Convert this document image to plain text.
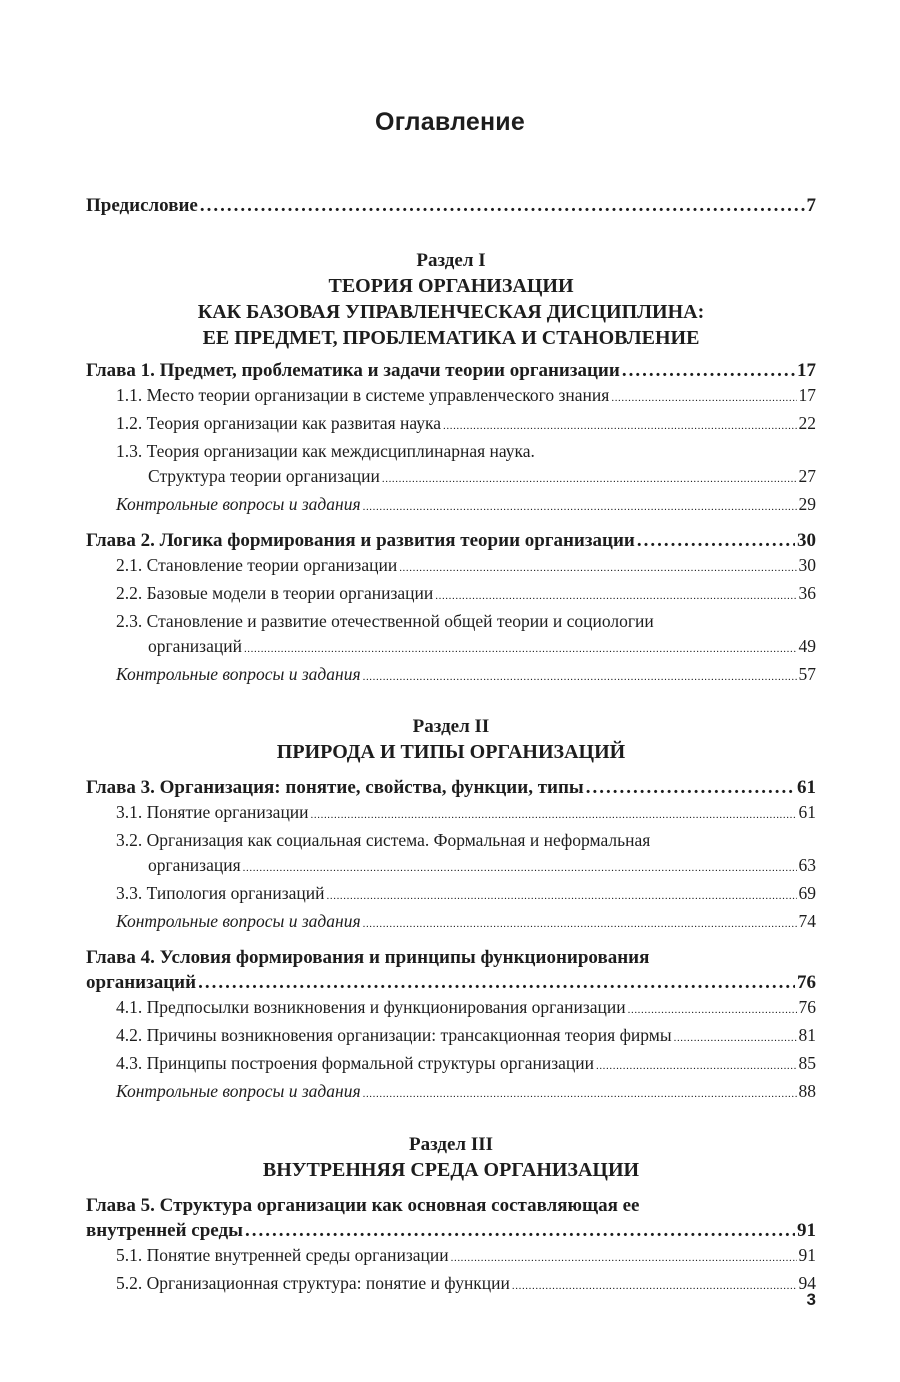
Оглавление
Предисловие .....	7
Раздел I
ТЕОРИЯ ОРГАНИЗАЦИИ
КАК БАЗОВАЯ УПРАВЛЕНЧЕСКАЯ ДИСЦИПЛИНА:
ЕЕ ПРЕДМЕТ, ПРОБЛЕМАТИКА И СТАНОВЛЕНИЕ
Глава 1. Предмет, проблематика и задачи теории организации .....	17
1.1. Место теории организации в системе управленческого знания .....	17
1.2. Теория организации как развитая наука .....	22
1.3. Теория организации как междисциплинарная наука.
Структура теории организации .....	27
Контрольные вопросы и задания .....	29
Глава 2. Логика формирования и развития теории организации .....	30
2.1. Становление теории организации .....	30
2.2. Базовые модели в теории организации .....	36
2.3. Становление и развитие отечественной общей теории и социологии
организаций .....	49
Контрольные вопросы и задания .....	57
Раздел II
ПРИРОДА И ТИПЫ ОРГАНИЗАЦИЙ
Глава 3. Организация: понятие, свойства, функции, типы .....	61
3.1. Понятие организации .....	61
3.2. Организация как социальная система. Формальная и неформальная
организация .....	63
3.3. Типология организаций .....	69
Контрольные вопросы и задания .....	74
Глава 4. Условия формирования и принципы функционирования
организаций .....	76
4.1. Предпосылки возникновения и функционирования организации .....	76
4.2. Причины возникновения организации: трансакционная теория фирмы .....	81
4.3. Принципы построения формальной структуры организации .....	85
Контрольные вопросы и задания .....	88
Раздел III
ВНУТРЕННЯЯ СРЕДА ОРГАНИЗАЦИИ
Глава 5. Структура организации как основная составляющая ее
внутренней среды .....	91
5.1. Понятие внутренней среды организации .....	91
5.2. Организационная структура: понятие и функции .....	94
3
